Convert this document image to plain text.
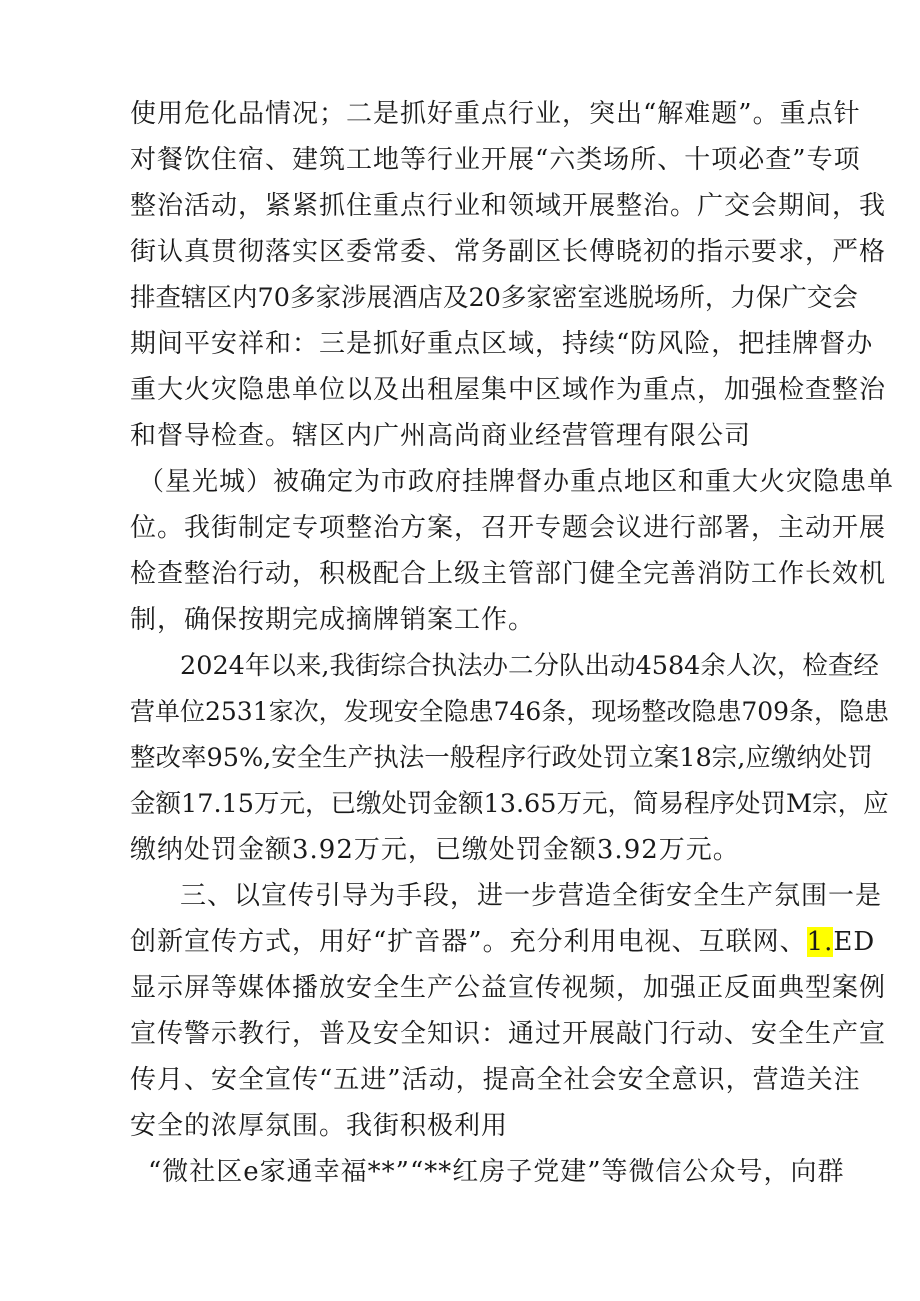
使用危化品情况；二是抓好重点行业，突出“解难题”。重点针
对餐饮住宿、建筑工地等行业开展“六类场所、十项必查”专项
整治活动，紧紧抓住重点行业和领域开展整治。广交会期间，我
街认真贯彻落实区委常委、常务副区长傅晓初的指示要求，严格
排查辖区内70多家涉展酒店及20多家密室逃脱场所，力保广交会
期间平安祥和：三是抓好重点区域，持续“防风险，把挂牌督办
重大火灾隐患单位以及出租屋集中区域作为重点，加强检查整治
和督导检查。辖区内广州高尚商业经营管理有限公司
（星光城）被确定为市政府挂牌督办重点地区和重大火灾隐患单
位。我街制定专项整治方案，召开专题会议进行部署，主动开展
检查整治行动，积极配合上级主管部门健全完善消防工作长效机
制，确保按期完成摘牌销案工作。
2024年以来,我街综合执法办二分队出动4584余人次，检查经
营单位2531家次，发现安全隐患746条，现场整改隐患709条，隐患
整改率95%,安全生产执法一般程序行政处罚立案18宗,应缴纳处罚
金额17.15万元，已缴处罚金额13.65万元，简易程序处罚M宗，应
缴纳处罚金额3.92万元，已缴处罚金额3.92万元。
三、以宣传引导为手段，进一步营造全街安全生产氛围一是
创新宣传方式，用好“扩音器”。充分利用电视、互联网、1.ED
显示屏等媒体播放安全生产公益宣传视频，加强正反面典型案例
宣传警示教行，普及安全知识：通过开展敲门行动、安全生产宣
传月、安全宣传“五进”活动，提高全社会安全意识，营造关注
安全的浓厚氛围。我街积极利用
“微社区e家通幸福**”“**红房子党建”等微信公众号，向群
